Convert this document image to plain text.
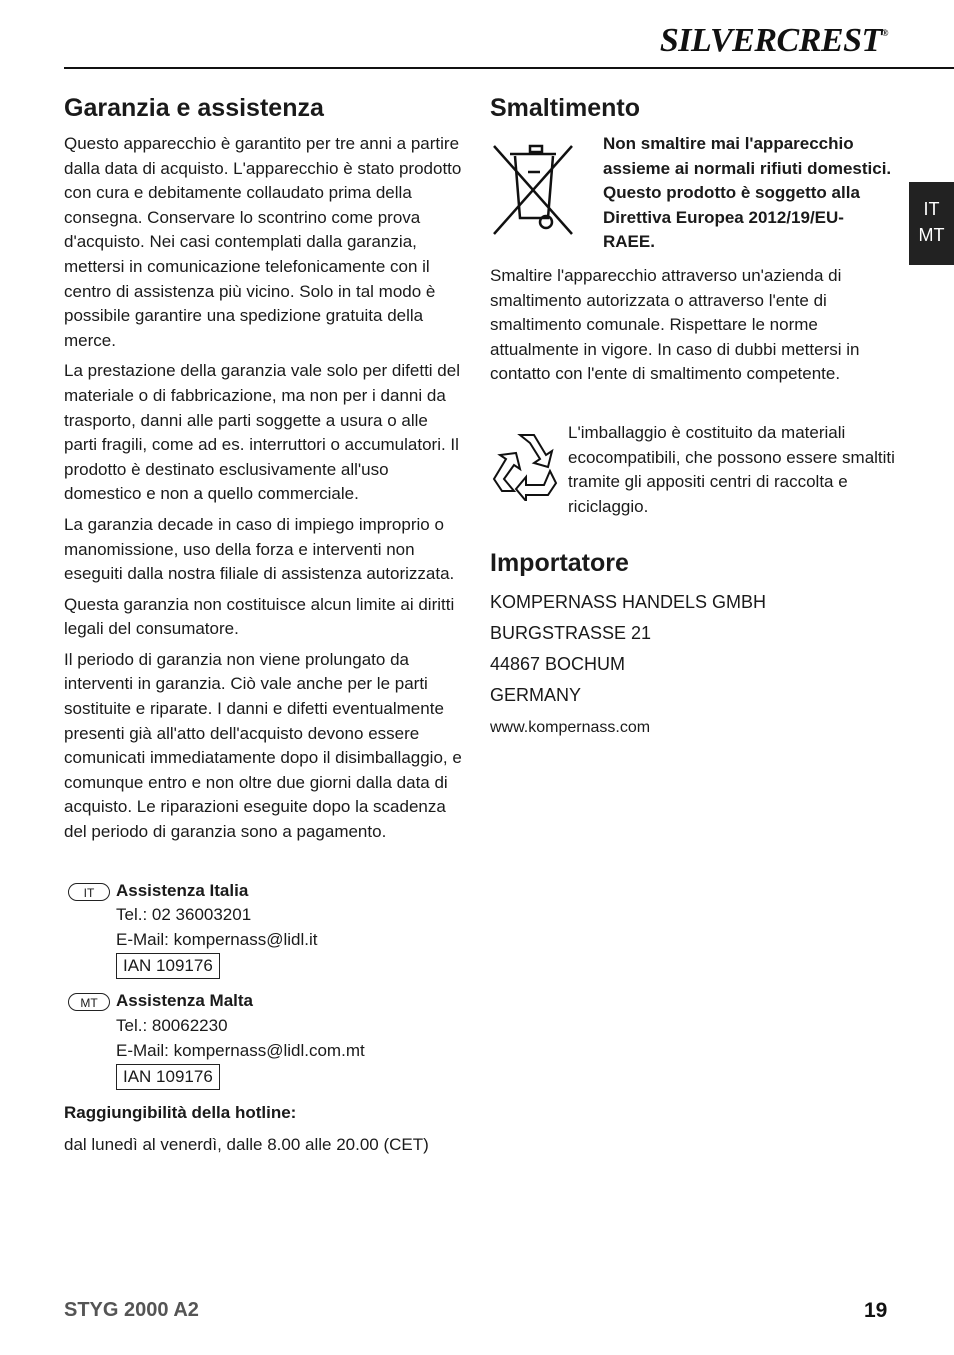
SILVERCREST®
IT
MT
Garanzia e assistenza

Questo apparecchio è garantito per tre anni a partire dalla data di acquisto. L'apparecchio è stato prodotto con cura e debitamente collaudato prima della consegna. Conservare lo scontrino come prova d'acquisto. Nei casi contemplati dalla garanzia, mettersi in comunicazione telefonicamente con il centro di assistenza più vicino. Solo in tal modo è possibile garantire una spedizione gratuita della merce.

La prestazione della garanzia vale solo per difetti del materiale o di fabbricazione, ma non per i danni da trasporto, danni alle parti soggette a usura o alle parti fragili, come ad es. interruttori o accumulatori. Il prodotto è destinato esclusivamente all'uso domestico e non a quello commerciale.

La garanzia decade in caso di impiego improprio o manomissione, uso della forza e interventi non eseguiti dalla nostra filiale di assistenza autorizzata.

Questa garanzia non costituisce alcun limite ai diritti legali del consumatore.

Il periodo di garanzia non viene prolungato da interventi in garanzia. Ciò vale anche per le parti sostituite e riparate. I danni e difetti eventualmente presenti già all'atto dell'acquisto devono essere comunicati immediatamente dopo il disimballaggio, e comunque entro e non oltre due giorni dalla data di acquisto. Le riparazioni eseguite dopo la scadenza del periodo di garanzia sono a pagamento.

IT	Assistenza Italia
Tel.: 02 36003201
E-Mail: kompernass@lidl.it
IAN 109176
MT	Assistenza Malta
Tel.: 80062230
E-Mail: kompernass@lidl.com.mt
IAN 109176
Raggiungibilità della hotline:
dal lunedì al venerdì, dalle 8.00 alle 20.00 (CET)
Smaltimento
Non smaltire mai l'apparecchio assieme ai normali rifiuti domestici. Questo prodotto è soggetto alla Direttiva Europea 2012/19/EU-RAEE.

Smaltire l'apparecchio attraverso un'azienda di smaltimento autorizzata o attraverso l'ente di smaltimento comunale. Rispettare le norme attualmente in vigore. In caso di dubbi mettersi in contatto con l'ente di smaltimento competente.

L'imballaggio è costituito da materiali ecocompatibili, che possono essere smaltiti tramite gli appositi centri di raccolta e riciclaggio.

Importatore
KOMPERNASS HANDELS GMBH
BURGSTRASSE 21
44867 BOCHUM
GERMANY
www.kompernass.com
STYG 2000 A2	19
